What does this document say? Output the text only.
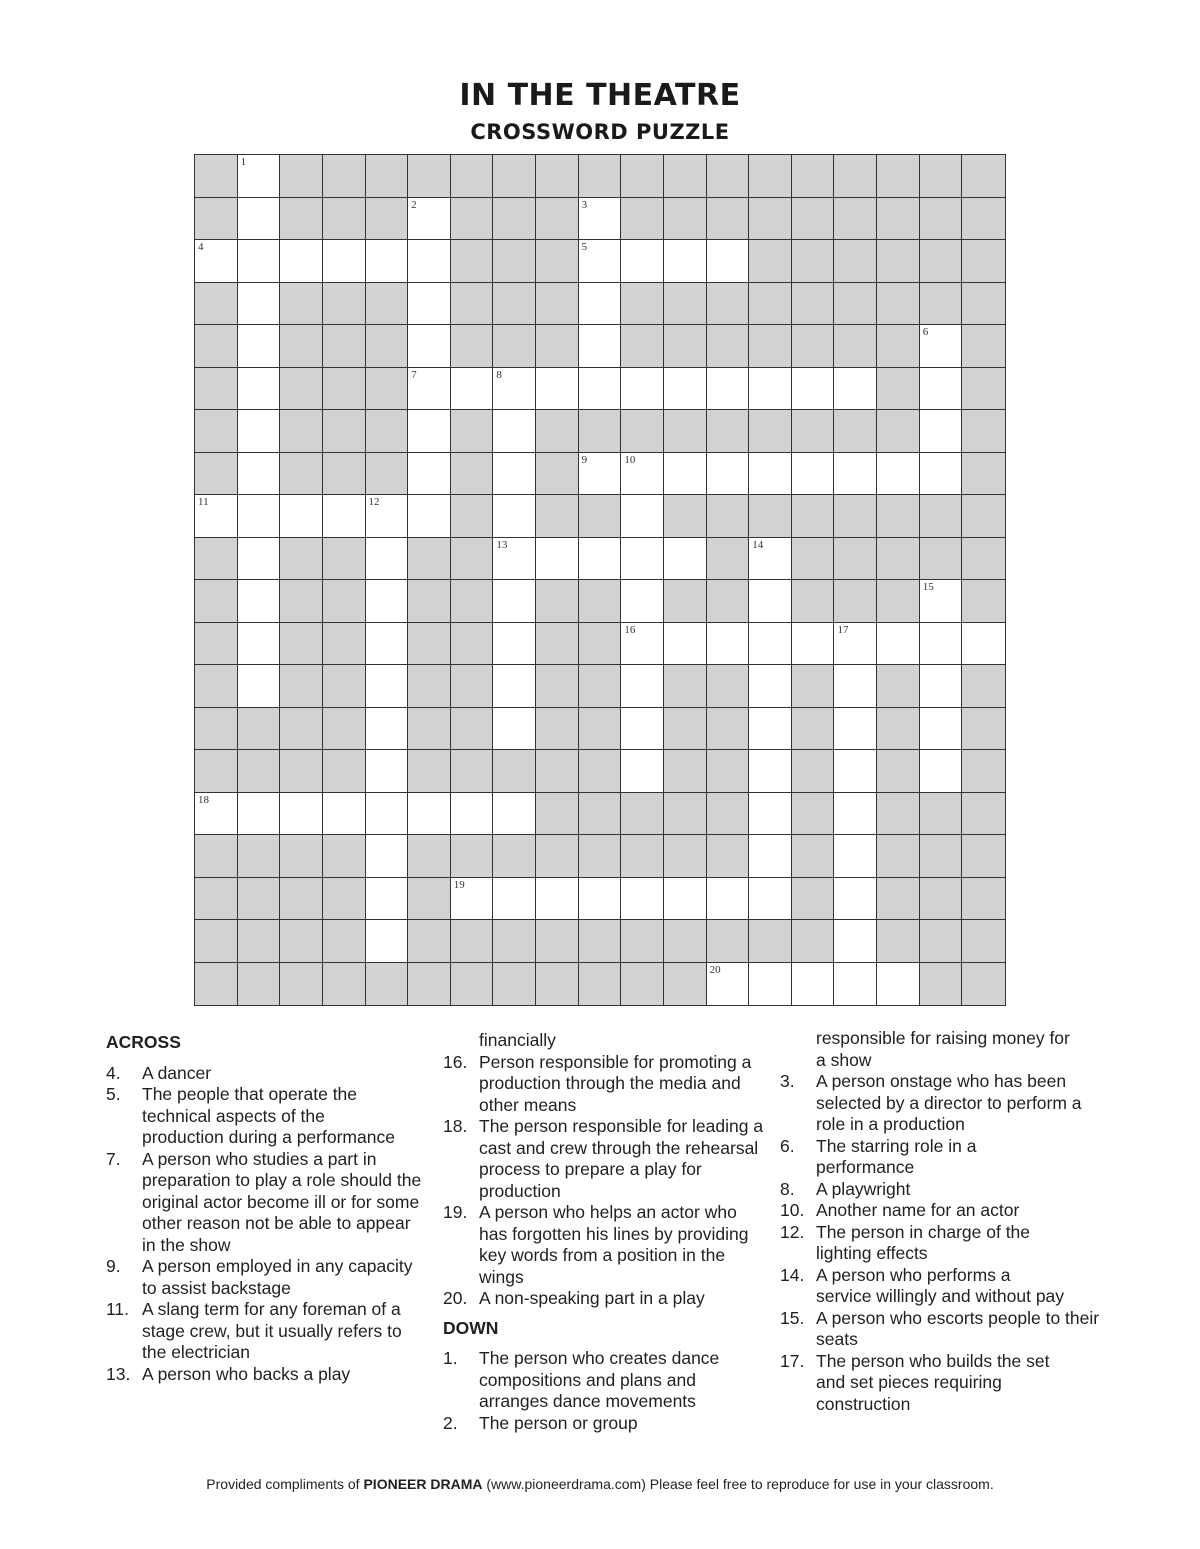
IN THE THEATRE
CROSSWORD PUZZLE
1
2	3
4	5
6
7	8
9	10
11	12
13	14
15
16	17
18
19
20
ACROSS
4.	A dancer
5.	The people that operate the technical aspects of the production during a performance
7.	A person who studies a part in preparation to play a role should the original actor become ill or for some other reason not be able to appear in the show
9.	A person employed in any capacity to assist backstage
11. A slang term for any foreman of a stage crew, but it usually refers to the electrician
13. A person who backs a play
financially
16. Person responsible for promoting a production through the media and other means
18. The person responsible for leading a cast and crew through the rehearsal process to prepare a play for production
19. A person who helps an actor who has forgotten his lines by providing key words from a position in the wings
20. A non-speaking part in a play
DOWN
1.	The person who creates dance compositions and plans and arranges dance movements
2.	The person or group
responsible for raising money for a show
3.	A person onstage who has been selected by a director to perform a role in a production
6.	The starring role in a performance
8.	A playwright
10. Another name for an actor
12. The person in charge of the lighting effects
14. A person who performs a service willingly and without pay
15. A person who escorts people to their seats
17. The person who builds the set and set pieces requiring construction
Provided compliments of PIONEER DRAMA (www.pioneerdrama.com) Please feel free to reproduce for use in your classroom.
